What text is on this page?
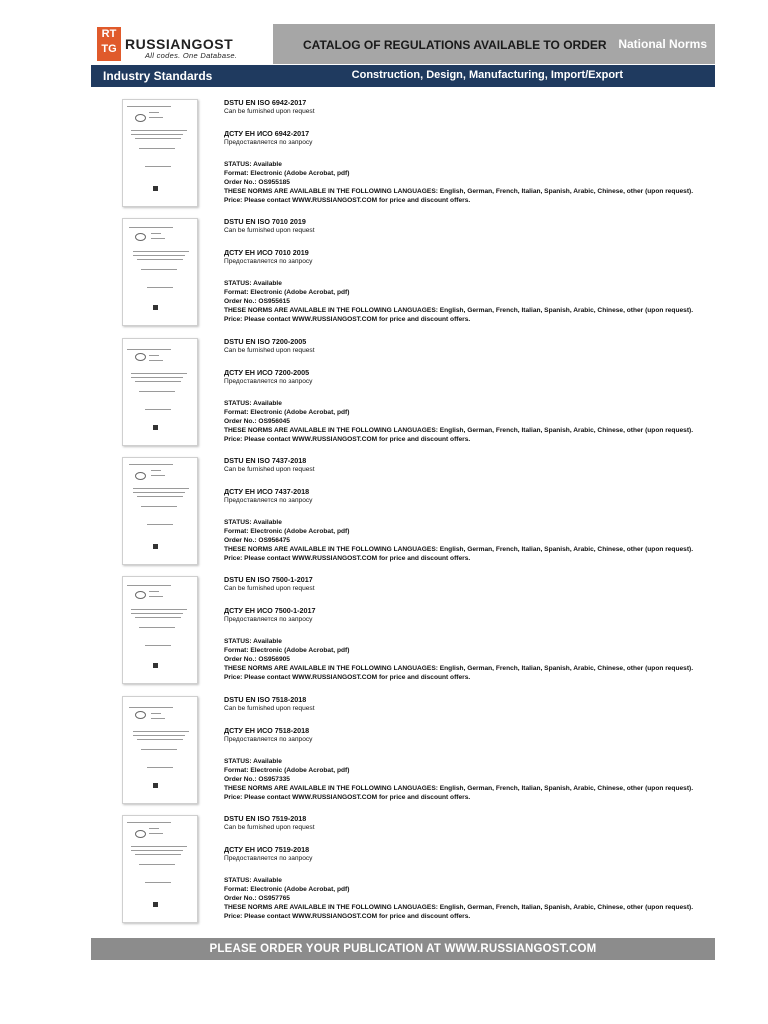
RT
TG RUSSIANGOST
All codes. One Database.
CATALOG OF REGULATIONS AVAILABLE TO ORDER National Norms
Industry Standards	Construction, Design, Manufacturing, Import/Export
DSTU EN ISO 6942-2017
Can be furnished upon request
ДСТУ ЕН ИСО 6942-2017
Предоставляется по запросу
STATUS: Available
Format: Electronic (Adobe Acrobat, pdf)
Order No.: OS955185
THESE NORMS ARE AVAILABLE IN THE FOLLOWING LANGUAGES: English, German, French, Italian, Spanish, Arabic, Chinese, other (upon request).
Price: Please contact WWW.RUSSIANGOST.COM for price and discount offers.
DSTU EN ISO 7010 2019
Can be furnished upon request
ДСТУ ЕН ИСО 7010 2019
Предоставляется по запросу
STATUS: Available
Format: Electronic (Adobe Acrobat, pdf)
Order No.: OS955615
THESE NORMS ARE AVAILABLE IN THE FOLLOWING LANGUAGES: English, German, French, Italian, Spanish, Arabic, Chinese, other (upon request).
Price: Please contact WWW.RUSSIANGOST.COM for price and discount offers.
DSTU EN ISO 7200-2005
Can be furnished upon request
ДСТУ ЕН ИСО 7200-2005
Предоставляется по запросу
STATUS: Available
Format: Electronic (Adobe Acrobat, pdf)
Order No.: OS956045
THESE NORMS ARE AVAILABLE IN THE FOLLOWING LANGUAGES: English, German, French, Italian, Spanish, Arabic, Chinese, other (upon request).
Price: Please contact WWW.RUSSIANGOST.COM for price and discount offers.
DSTU EN ISO 7437-2018
Can be furnished upon request
ДСТУ ЕН ИСО 7437-2018
Предоставляется по запросу
STATUS: Available
Format: Electronic (Adobe Acrobat, pdf)
Order No.: OS956475
THESE NORMS ARE AVAILABLE IN THE FOLLOWING LANGUAGES: English, German, French, Italian, Spanish, Arabic, Chinese, other (upon request).
Price: Please contact WWW.RUSSIANGOST.COM for price and discount offers.
DSTU EN ISO 7500-1-2017
Can be furnished upon request
ДСТУ ЕН ИСО 7500-1-2017
Предоставляется по запросу
STATUS: Available
Format: Electronic (Adobe Acrobat, pdf)
Order No.: OS956905
THESE NORMS ARE AVAILABLE IN THE FOLLOWING LANGUAGES: English, German, French, Italian, Spanish, Arabic, Chinese, other (upon request).
Price: Please contact WWW.RUSSIANGOST.COM for price and discount offers.
DSTU EN ISO 7518-2018
Can be furnished upon request
ДСТУ ЕН ИСО 7518-2018
Предоставляется по запросу
STATUS: Available
Format: Electronic (Adobe Acrobat, pdf)
Order No.: OS957335
THESE NORMS ARE AVAILABLE IN THE FOLLOWING LANGUAGES: English, German, French, Italian, Spanish, Arabic, Chinese, other (upon request).
Price: Please contact WWW.RUSSIANGOST.COM for price and discount offers.
DSTU EN ISO 7519-2018
Can be furnished upon request
ДСТУ ЕН ИСО 7519-2018
Предоставляется по запросу
STATUS: Available
Format: Electronic (Adobe Acrobat, pdf)
Order No.: OS957765
THESE NORMS ARE AVAILABLE IN THE FOLLOWING LANGUAGES: English, German, French, Italian, Spanish, Arabic, Chinese, other (upon request).
Price: Please contact WWW.RUSSIANGOST.COM for price and discount offers.
PLEASE ORDER YOUR PUBLICATION AT WWW.RUSSIANGOST.COM
